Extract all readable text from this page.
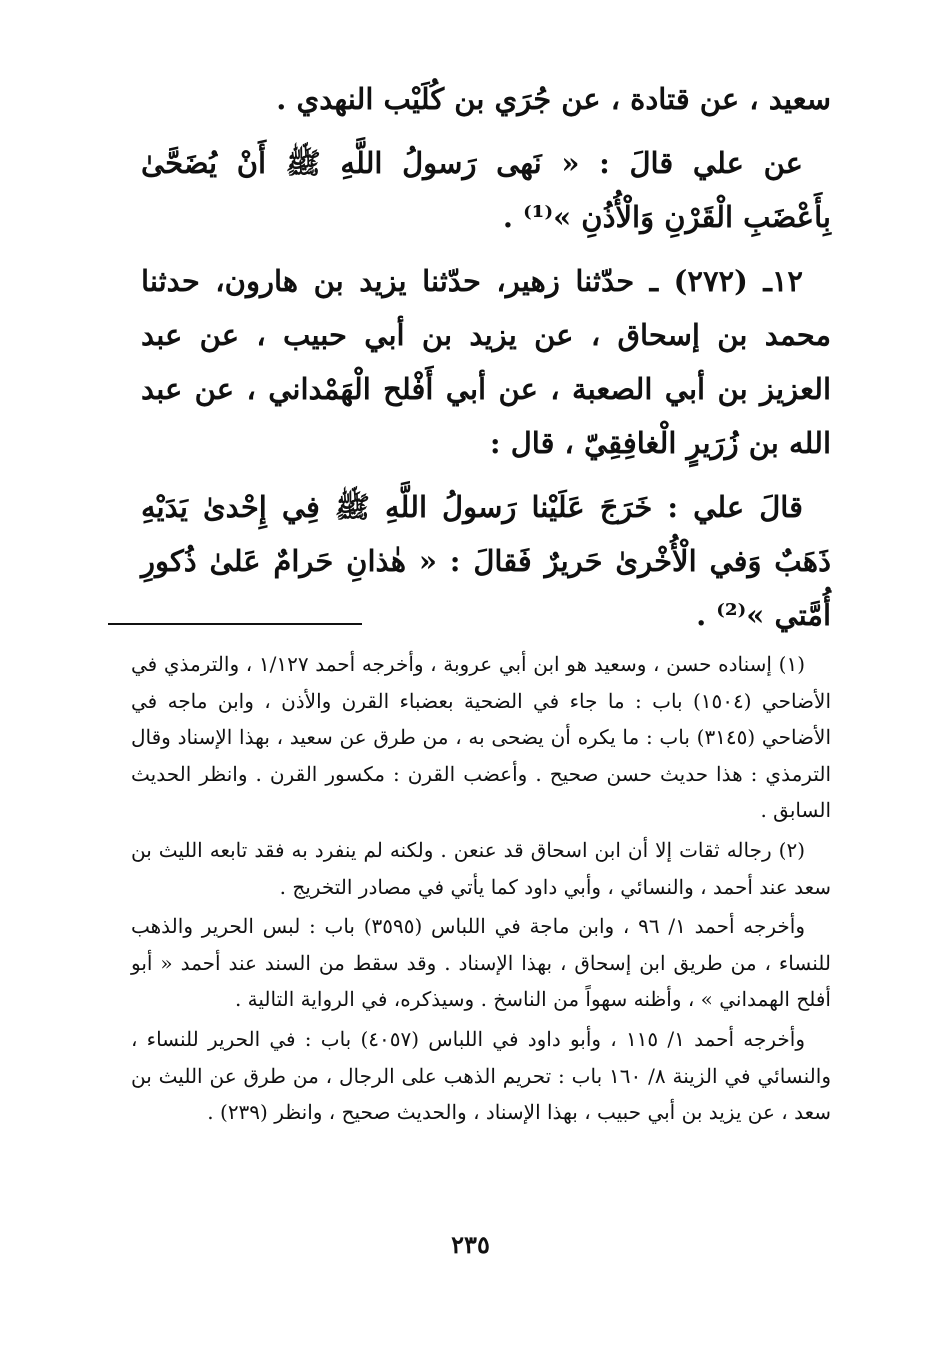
سعيد ، عن قتادة ، عن جُرَي بن كُلَيْب النهدي .

عن علي قالَ : « نَهى رَسولُ اللَّهِ ﷺ أَنْ يُضَحَّىٰ بِأَعْضَبِ الْقَرْنِ وَالْأُذُنِ »⁽¹⁾ .

١٢ـ (٢٧٢) ـ حدّثنا زهير، حدّثنا يزيد بن هارون، حدثنا محمد بن إسحاق ، عن يزيد بن أبي حبيب ، عن عبد العزيز بن أبي الصعبة ، عن أبي أَفْلح الْهَمْداني ، عن عبد الله بن زُرَيرٍ الْغافِقِيّ ، قال :

قالَ علي : خَرَجَ عَلَيْنا رَسولُ اللَّهِ ﷺ فِي إِحْدىٰ يَدَيْهِ ذَهَبٌ وَفي الْأُخْرىٰ حَريرٌ فَقالَ : « هٰذانِ حَرامٌ عَلىٰ ذُكورِ أُمَّتي »⁽²⁾ .

(١) إسناده حسن ، وسعيد هو ابن أبي عروبة ، وأخرجه أحمد ١/١٢٧ ، والترمذي في الأضاحي (١٥٠٤) باب : ما جاء في الضحية بعضباء القرن والأذن ، وابن ماجه في الأضاحي (٣١٤٥) باب : ما يكره أن يضحى به ، من طرق عن سعيد ، بهذا الإسناد وقال الترمذي : هذا حديث حسن صحيح . وأعضب القرن : مكسور القرن . وانظر الحديث السابق .

(٢) رجاله ثقات إلا أن ابن اسحاق قد عنعن . ولكنه لم ينفرد به فقد تابعه الليث بن سعد عند أحمد ، والنسائي ، وأبي داود كما يأتي في مصادر التخريج .

وأخرجه أحمد ١/ ٩٦ ، وابن ماجة في اللباس (٣٥٩٥) باب : لبس الحرير والذهب للنساء ، من طريق ابن إسحاق ، بهذا الإسناد . وقد سقط من السند عند أحمد « أبو أفلح الهمداني » ، وأظنه سهواً من الناسخ . وسيذكره، في الرواية التالية .

وأخرجه أحمد ١/ ١١٥ ، وأبو داود في اللباس (٤٠٥٧) باب : في الحرير للنساء ، والنسائي في الزينة ٨/ ١٦٠ باب : تحريم الذهب على الرجال ، من طرق عن الليث بن سعد ، عن يزيد بن أبي حبيب ، بهذا الإسناد ، والحديث صحيح ، وانظر (٢٣٩) .

٢٣٥
